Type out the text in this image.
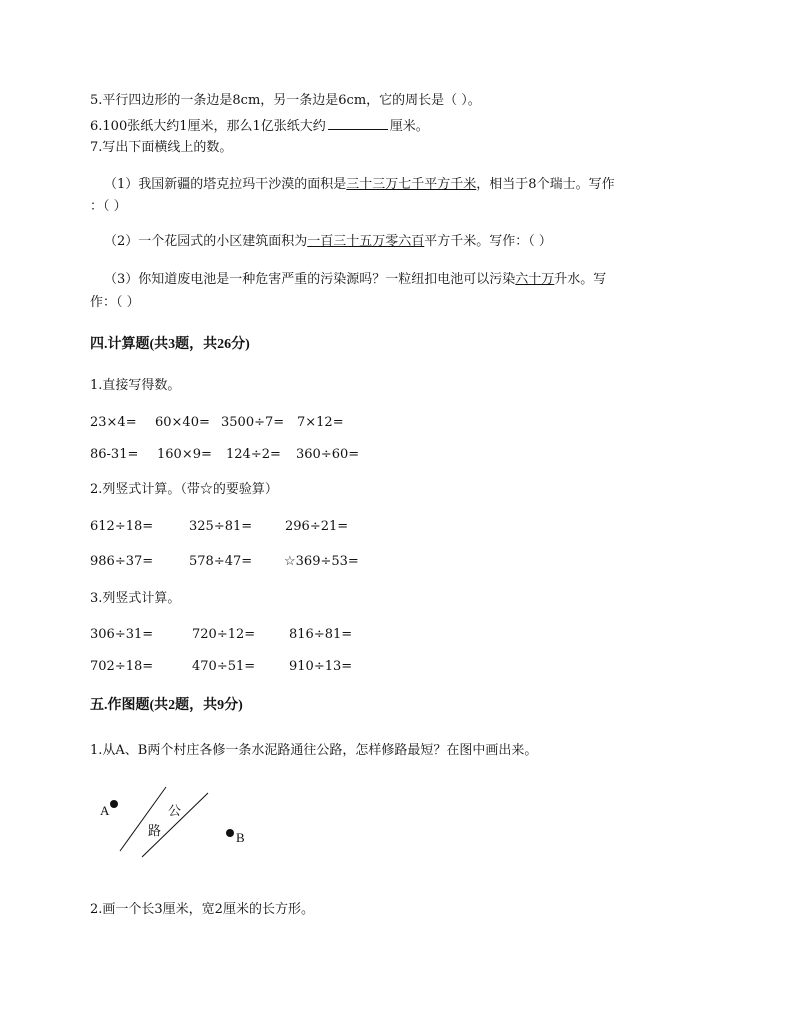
5.平行四边形的一条边是8cm，另一条边是6cm，它的周长是（ ）。
6.100张纸大约1厘米，那么1亿张纸大约	厘米。
7.写出下面横线上的数。
（1）我国新疆的塔克拉玛干沙漠的面积是三十三万七千平方千米，相当于8个瑞士。写作
：（ ）
（2）一个花园式的小区建筑面积为一百三十五万零六百平方千米。写作：（ ）
（3）你知道废电池是一种危害严重的污染源吗？一粒纽扣电池可以污染六十万升水。写
作：（ ）
四.计算题(共3题，共26分)
1.直接写得数。
23×4= 60×40= 3500÷7= 7×12=
86-31= 160×9= 124÷2= 360÷60=
2.列竖式计算。（带☆的要验算）
612÷18=	325÷81=	296÷21=
986÷37=	578÷47= ☆369÷53=
3.列竖式计算。
306÷31=	720÷12=	816÷81=
702÷18=	470÷51=	910÷13=
五.作图题(共2题，共9分)
1.从A、B两个村庄各修一条水泥路通往公路，怎样修路最短？在图中画出来。
A	公
路	B
2.画一个长3厘米，宽2厘米的长方形。
